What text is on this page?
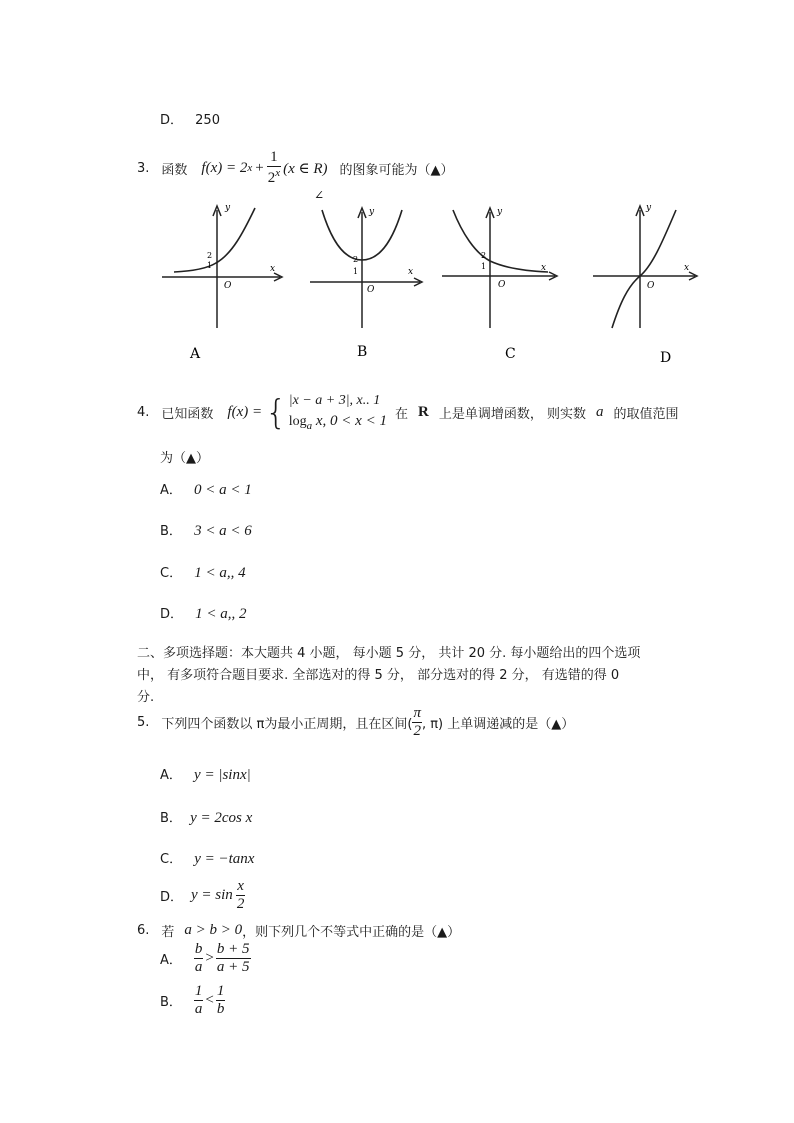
D． 250
3. 函数 f(x) = 2 $x + \frac{1}{2^x} (x$ ∈ R) 的图象可能为（▲）
∠
y
x
O
2
1
A
y
x
O
2
1
B
y
x
O
2
1
C
y
x
O
D
4. 已知函数 f(x) = { |x − a + 3|, x.. 1
$\log_a x$, 0 < x < 1 在 R 上是单调增函数， 则实数 a 的取值范围
为（▲）
A． 0 < a < 1
B． 3 < a < 6
C． 1 < a,, 4
D． 1 < a,, 2
二、多项选择题：本大题共 4 小题， 每小题 5 分， 共计 20 分. 每小题给出的四个选项
中， 有多项符合题目要求. 全部选对的得 5 分， 部分选对的得 2 分， 有选错的得 0
分.
5. 下列四个函数以 π为最小正周期，且在区间( $\frac{\pi}{2}$ , π) 上单调递减的是（▲）
A． y = |sinx|
B． y = 2cos x
C． y = −tanx
D． $y = \sin \frac{x}{2}$
6. 若 a > b > 0 ，则下列几个不等式中正确的是（▲）
A． $\frac{b}{a} > \frac{b + 5}{a + 5}$
B． $\frac{1}{a} < \frac{1}{b}$
